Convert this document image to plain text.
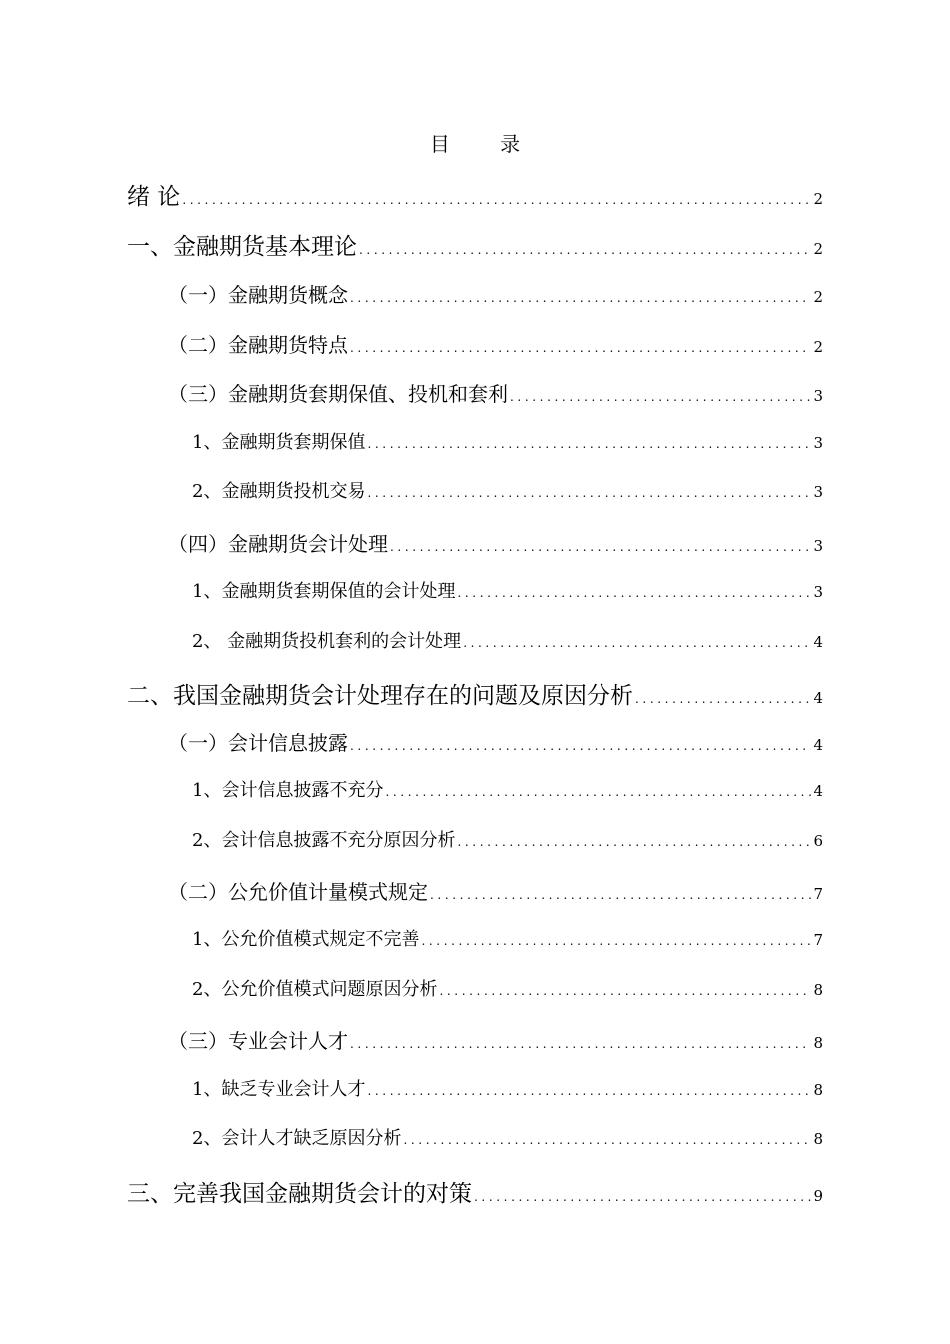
目 录
绪 论 .....	2
一、金融期货基本理论 .....	2
（一）金融期货概念 .....	2
（二）金融期货特点 .....	2
（三）金融期货套期保值、投机和套利 .....	3
1、金融期货套期保值 .....	3
2、金融期货投机交易 .....	3
（四）金融期货会计处理 .....	3
1、金融期货套期保值的会计处理 .....	3
2、 金融期货投机套利的会计处理 .....	4
二、我国金融期货会计处理存在的问题及原因分析 .....	4
（一）会计信息披露 .....	4
1、会计信息披露不充分 .....	4
2、会计信息披露不充分原因分析 .....	6
（二）公允价值计量模式规定 .....	7
1、公允价值模式规定不完善 .....	7
2、公允价值模式问题原因分析 .....	8
（三）专业会计人才 .....	8
1、缺乏专业会计人才 .....	8
2、会计人才缺乏原因分析 .....	8
三、完善我国金融期货会计的对策 .....	9
